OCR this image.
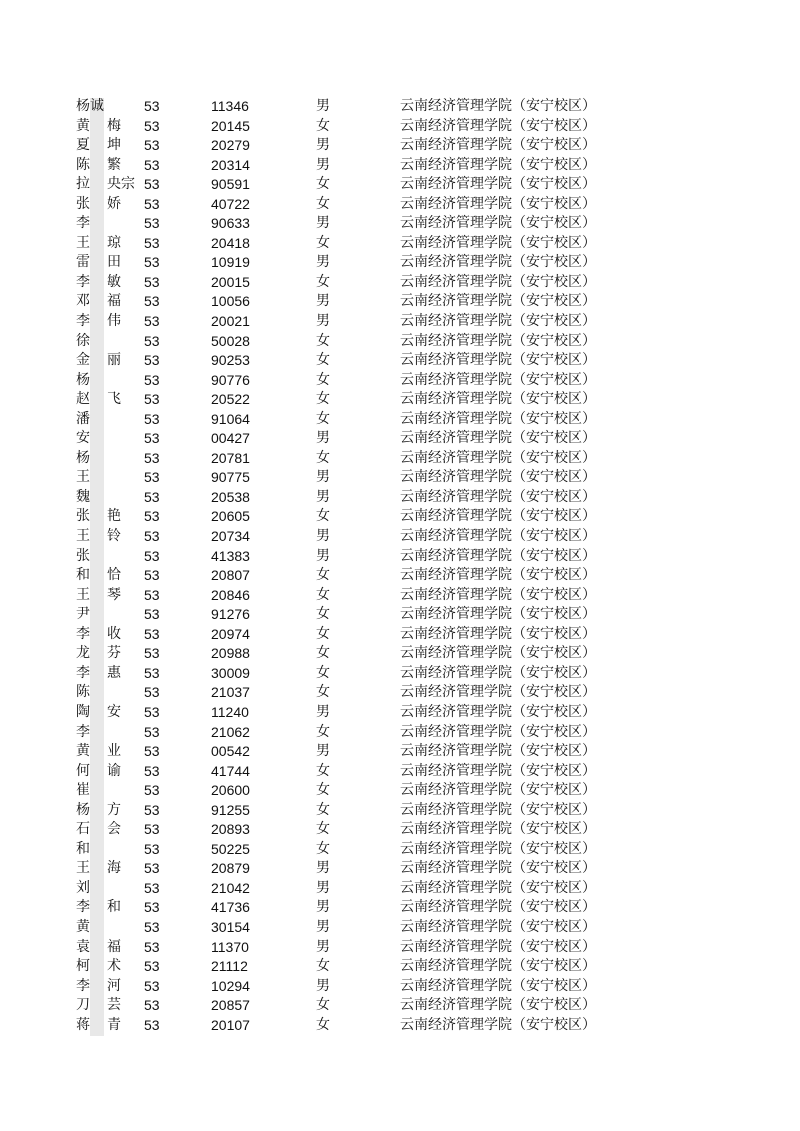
杨诚	53	11346	男	云南经济管理学院（安宁校区）
黄 梅 53	20145	女	云南经济管理学院（安宁校区）
夏 坤 53	20279	男	云南经济管理学院（安宁校区）
陈 繁 53	20314	男	云南经济管理学院（安宁校区）
拉 央宗 53	90591	女	云南经济管理学院（安宁校区）
张 娇 53	40722	女	云南经济管理学院（安宁校区）
李	53	90633	男	云南经济管理学院（安宁校区）
王 琼 53	20418	女	云南经济管理学院（安宁校区）
雷 田 53	10919	男	云南经济管理学院（安宁校区）
李 敏 53	20015	女	云南经济管理学院（安宁校区）
邓 福 53	10056	男	云南经济管理学院（安宁校区）
李 伟 53	20021	男	云南经济管理学院（安宁校区）
徐	53	50028	女	云南经济管理学院（安宁校区）
金 丽 53	90253	女	云南经济管理学院（安宁校区）
杨	53	90776	女	云南经济管理学院（安宁校区）
赵 飞 53	20522	女	云南经济管理学院（安宁校区）
潘	53	91064	女	云南经济管理学院（安宁校区）
安	53	00427	男	云南经济管理学院（安宁校区）
杨	53	20781	女	云南经济管理学院（安宁校区）
王	53	90775	男	云南经济管理学院（安宁校区）
魏	53	20538	男	云南经济管理学院（安宁校区）
张 艳 53	20605	女	云南经济管理学院（安宁校区）
王 铃 53	20734	男	云南经济管理学院（安宁校区）
张	53	41383	男	云南经济管理学院（安宁校区）
和 恰 53	20807	女	云南经济管理学院（安宁校区）
王 琴 53	20846	女	云南经济管理学院（安宁校区）
尹	53	91276	女	云南经济管理学院（安宁校区）
李 收 53	20974	女	云南经济管理学院（安宁校区）
龙 芬 53	20988	女	云南经济管理学院（安宁校区）
李 惠 53	30009	女	云南经济管理学院（安宁校区）
陈	53	21037	女	云南经济管理学院（安宁校区）
陶 安 53	11240	男	云南经济管理学院（安宁校区）
李	53	21062	女	云南经济管理学院（安宁校区）
黄 业 53	00542	男	云南经济管理学院（安宁校区）
何 谕 53	41744	女	云南经济管理学院（安宁校区）
崔	53	20600	女	云南经济管理学院（安宁校区）
杨 方 53	91255	女	云南经济管理学院（安宁校区）
石 会 53	20893	女	云南经济管理学院（安宁校区）
和	53	50225	女	云南经济管理学院（安宁校区）
王 海 53	20879	男	云南经济管理学院（安宁校区）
刘	53	21042	男	云南经济管理学院（安宁校区）
李 和 53	41736	男	云南经济管理学院（安宁校区）
黄	53	30154	男	云南经济管理学院（安宁校区）
袁 福 53	11370	男	云南经济管理学院（安宁校区）
柯 术 53	21112	女	云南经济管理学院（安宁校区）
李 河 53	10294	男	云南经济管理学院（安宁校区）
刀 芸 53	20857	女	云南经济管理学院（安宁校区）
蒋 青 53	20107	女	云南经济管理学院（安宁校区）
